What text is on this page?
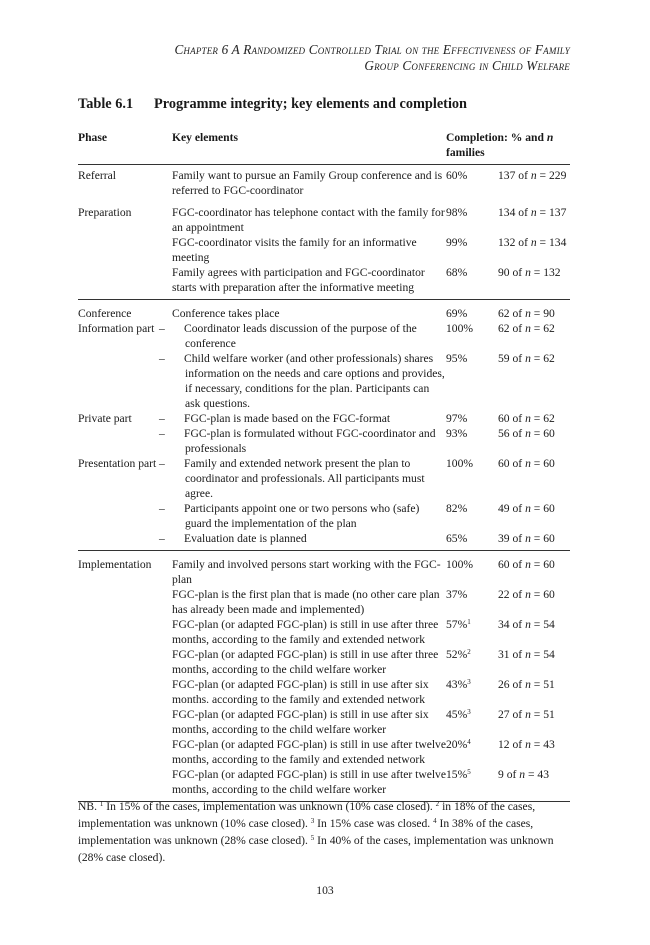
Chapter 6 A Randomized Controlled Trial on the Effectiveness of Family
Group Conferencing in Child Welfare
Table 6.1 Programme integrity; key elements and completion
Phase	Key elements	Completion: % and n
families	
Referral	Family want to pursue an Family Group conference and is referred to FGC-coordinator	60%	137 of n = 229
Preparation	FGC-coordinator has telephone contact with the family for an appointment	98%	134 of n = 137
	FGC-coordinator visits the family for an informative meeting	99%	132 of n = 134
	Family agrees with participation and FGC-coordinator starts with preparation after the informative meeting	68%	90 of n = 132
Conference	Conference takes place	69%	62 of n = 90
Information part	– Coordinator leads discussion of the purpose of the conference	100%	62 of n = 62
	– Child welfare worker (and other professionals) shares information on the needs and care options and provides, if necessary, conditions for the plan. Participants can ask questions.	95%	59 of n = 62
Private part	– FGC-plan is made based on the FGC-format	97%	60 of n = 62
	– FGC-plan is formulated without FGC-coordinator and professionals	93%	56 of n = 60
Presentation part	– Family and extended network present the plan to coordinator and professionals. All participants must agree.	100%	60 of n = 60
	– Participants appoint one or two persons who (safe) guard the implementation of the plan	82%	49 of n = 60
	– Evaluation date is planned	65%	39 of n = 60
Implementation	Family and involved persons start working with the FGC-plan	100%	60 of n = 60
	FGC-plan is the first plan that is made (no other care plan has already been made and implemented)	37%	22 of n = 60
	FGC-plan (or adapted FGC-plan) is still in use after three months, according to the family and extended network	57%$^1$	34 of n = 54
	FGC-plan (or adapted FGC-plan) is still in use after three months, according to the child welfare worker	52%$^2$	31 of n = 54
	FGC-plan (or adapted FGC-plan) is still in use after six months. according to the family and extended network	43%$^3$	26 of n = 51
	FGC-plan (or adapted FGC-plan) is still in use after six months, according to the child welfare worker	45%$^3$	27 of n = 51
	FGC-plan (or adapted FGC-plan) is still in use after twelve months, according to the family and extended network	20%$^4$	12 of n = 43
	FGC-plan (or adapted FGC-plan) is still in use after twelve months, according to the child welfare worker	15%$^5$	9 of n = 43
NB. $^1$ In 15% of the cases, implementation was unknown (10% case closed). $^2$ in 18% of the cases, implementation was unknown (10% case closed). $^3$ In 15% case was closed. $^4$ In 38% of the cases, implementation was unknown (28% case closed). $^5$ In 40% of the cases, implementation was unknown (28% case closed).
103
